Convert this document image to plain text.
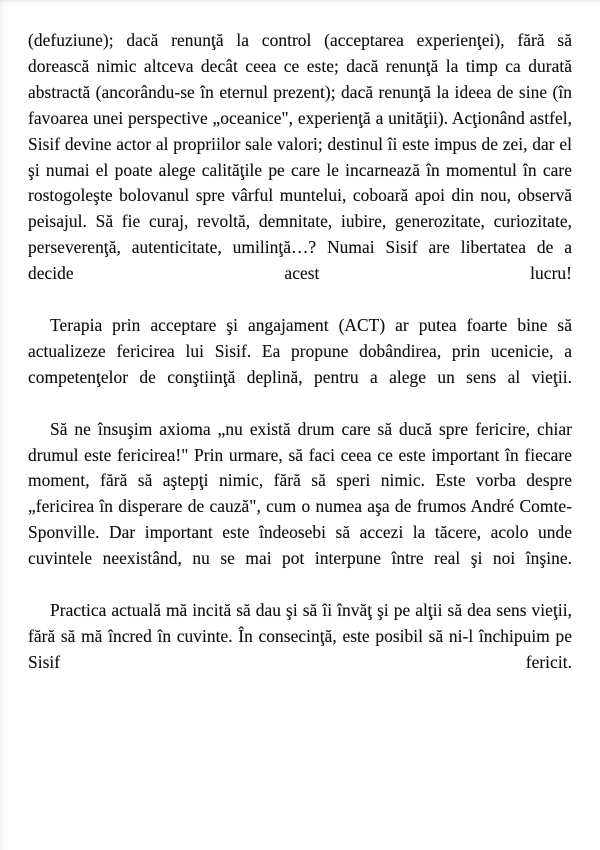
(defuziune); dacă renunţă la control (acceptarea experienţei), fără să dorească nimic altceva decât ceea ce este; dacă renunţă la timp ca durată abstractă (ancorându-se în eternul prezent); dacă renunţă la ideea de sine (în favoarea unei perspective „oceanice", experienţă a unităţii). Acţionând astfel, Sisif devine actor al propriilor sale valori; destinul îi este impus de zei, dar el şi numai el poate alege calităţile pe care le incarnează în momentul în care rostogoleşte bolovanul spre vârful muntelui, coboară apoi din nou, observă peisajul. Să fie curaj, revoltă, demnitate, iubire, generozitate, curiozitate, perseverenţă, autenticitate, umilinţă…? Numai Sisif are libertatea de a decide acest lucru!

Terapia prin acceptare şi angajament (ACT) ar putea foarte bine să actualizeze fericirea lui Sisif. Ea propune dobândirea, prin ucenicie, a competenţelor de conştiinţă deplină, pentru a alege un sens al vieţii.

Să ne însuşim axioma „nu există drum care să ducă spre fericire, chiar drumul este fericirea!" Prin urmare, să faci ceea ce este important în fiecare moment, fără să aştepţi nimic, fără să speri nimic. Este vorba despre „fericirea în disperare de cauză", cum o numea aşa de frumos André Comte-Sponville. Dar important este îndeosebi să accezi la tăcere, acolo unde cuvintele neexistând, nu se mai pot interpune între real şi noi înşine.

Practica actuală mă incită să dau şi să îi învăţ şi pe alţii să dea sens vieţii, fără să mă încred în cuvinte. În consecinţă, este posibil să ni-l închipuim pe Sisif fericit.
